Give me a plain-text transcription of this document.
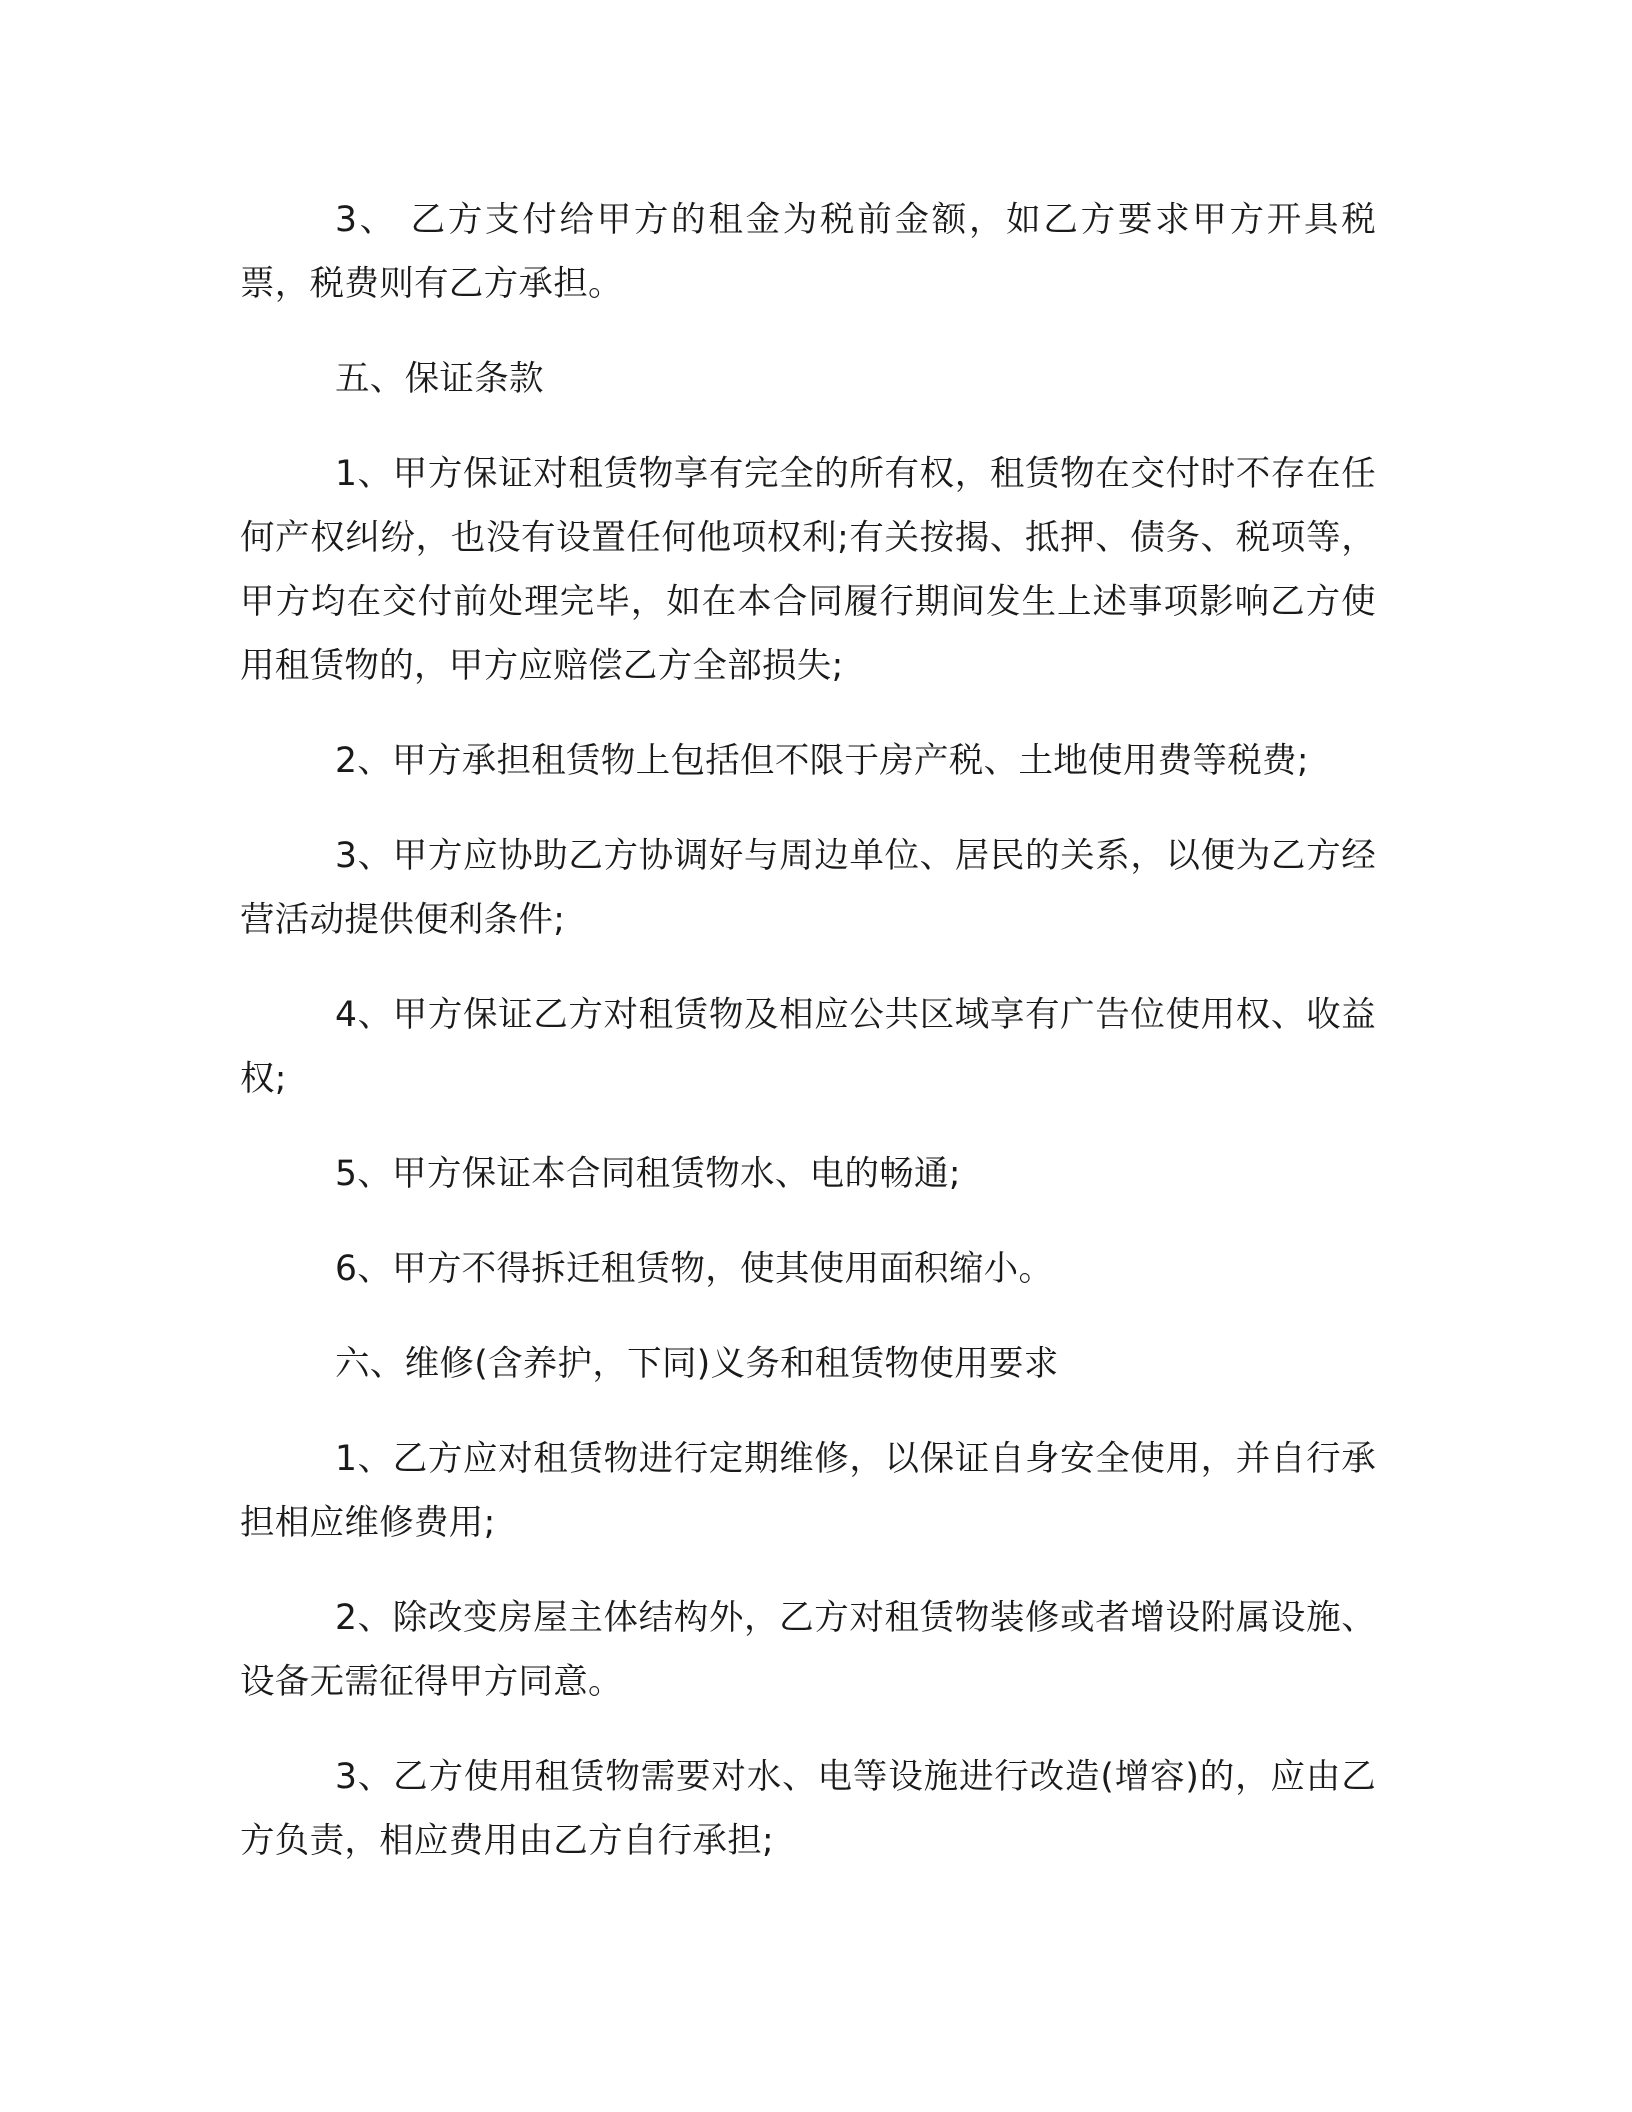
3、 乙方支付给甲方的租金为税前金额，如乙方要求甲方开具税票，税费则有乙方承担。

五、保证条款

1、甲方保证对租赁物享有完全的所有权，租赁物在交付时不存在任何产权纠纷，也没有设置任何他项权利;有关按揭、抵押、债务、税项等，甲方均在交付前处理完毕，如在本合同履行期间发生上述事项影响乙方使用租赁物的，甲方应赔偿乙方全部损失;

2、甲方承担租赁物上包括但不限于房产税、土地使用费等税费;

3、甲方应协助乙方协调好与周边单位、居民的关系，以便为乙方经营活动提供便利条件;

4、甲方保证乙方对租赁物及相应公共区域享有广告位使用权、收益权;

5、甲方保证本合同租赁物水、电的畅通;

6、甲方不得拆迁租赁物，使其使用面积缩小。

六、维修(含养护，下同)义务和租赁物使用要求

1、乙方应对租赁物进行定期维修，以保证自身安全使用，并自行承担相应维修费用;

2、除改变房屋主体结构外，乙方对租赁物装修或者增设附属设施、设备无需征得甲方同意。

3、乙方使用租赁物需要对水、电等设施进行改造(增容)的，应由乙方负责，相应费用由乙方自行承担;
